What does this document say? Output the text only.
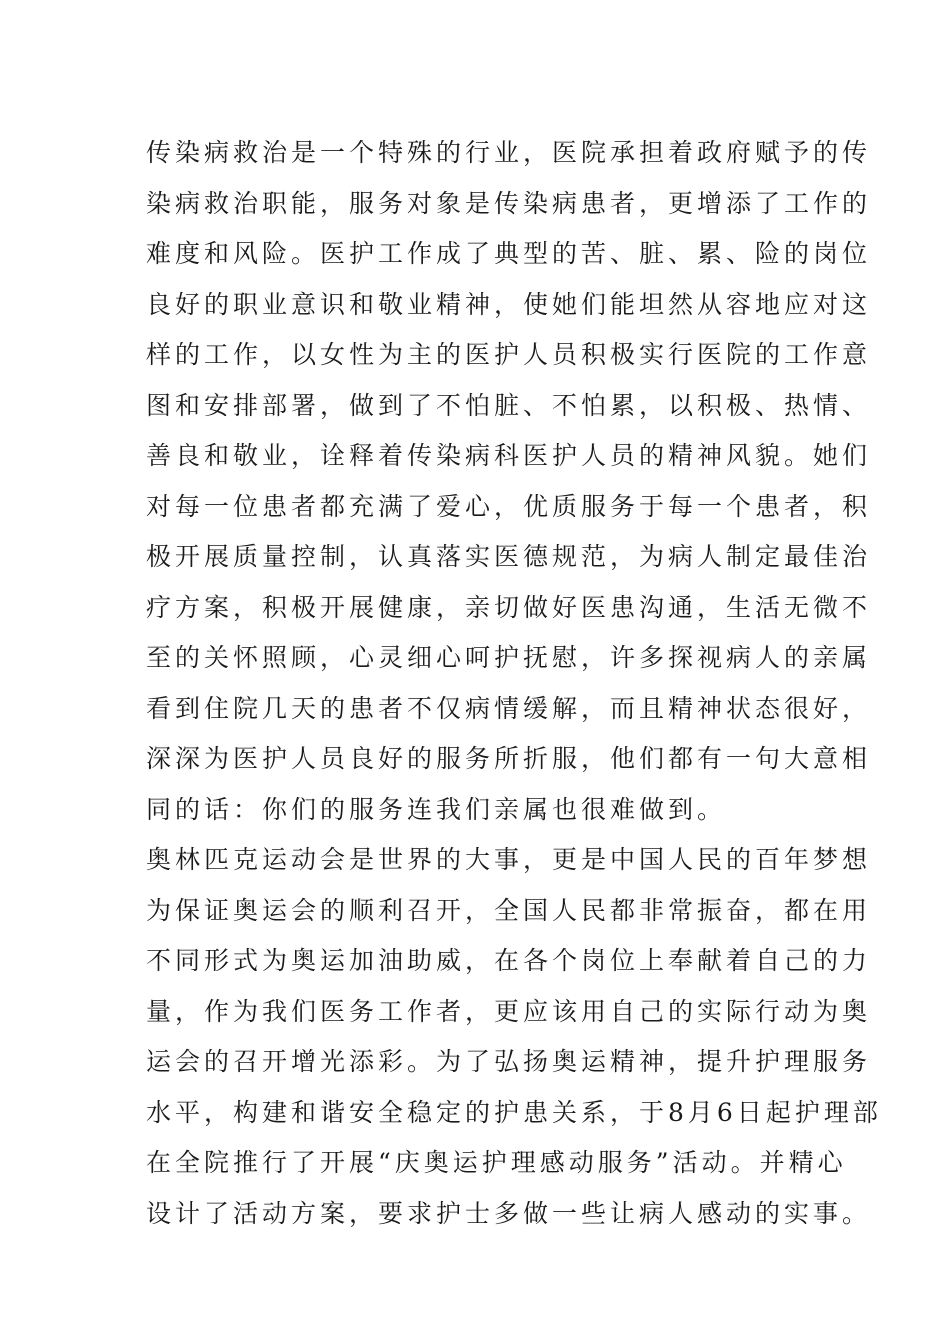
传染病救治是一个特殊的行业，医院承担着政府赋予的传
染病救治职能，服务对象是传染病患者，更增添了工作的
难度和风险。医护工作成了典型的苦、脏、累、险的岗位
良好的职业意识和敬业精神，使她们能坦然从容地应对这
样的工作，以女性为主的医护人员积极实行医院的工作意
图和安排部署，做到了不怕脏、不怕累，以积极、热情、
善良和敬业，诠释着传染病科医护人员的精神风貌。她们
对每一位患者都充满了爱心，优质服务于每一个患者，积
极开展质量控制，认真落实医德规范，为病人制定最佳治
疗方案，积极开展健康，亲切做好医患沟通，生活无微不
至的关怀照顾，心灵细心呵护抚慰，许多探视病人的亲属
看到住院几天的患者不仅病情缓解，而且精神状态很好，
深深为医护人员良好的服务所折服，他们都有一句大意相
同的话：你们的服务连我们亲属也很难做到。
奥林匹克运动会是世界的大事，更是中国人民的百年梦想
为保证奥运会的顺利召开，全国人民都非常振奋，都在用
不同形式为奥运加油助威，在各个岗位上奉献着自己的力
量，作为我们医务工作者，更应该用自己的实际行动为奥
运会的召开增光添彩。为了弘扬奥运精神，提升护理服务
水平，构建和谐安全稳定的护患关系，于8月6日起护理部
在全院推行了开展“庆奥运护理感动服务”活动。并精心
设计了活动方案，要求护士多做一些让病人感动的实事。
